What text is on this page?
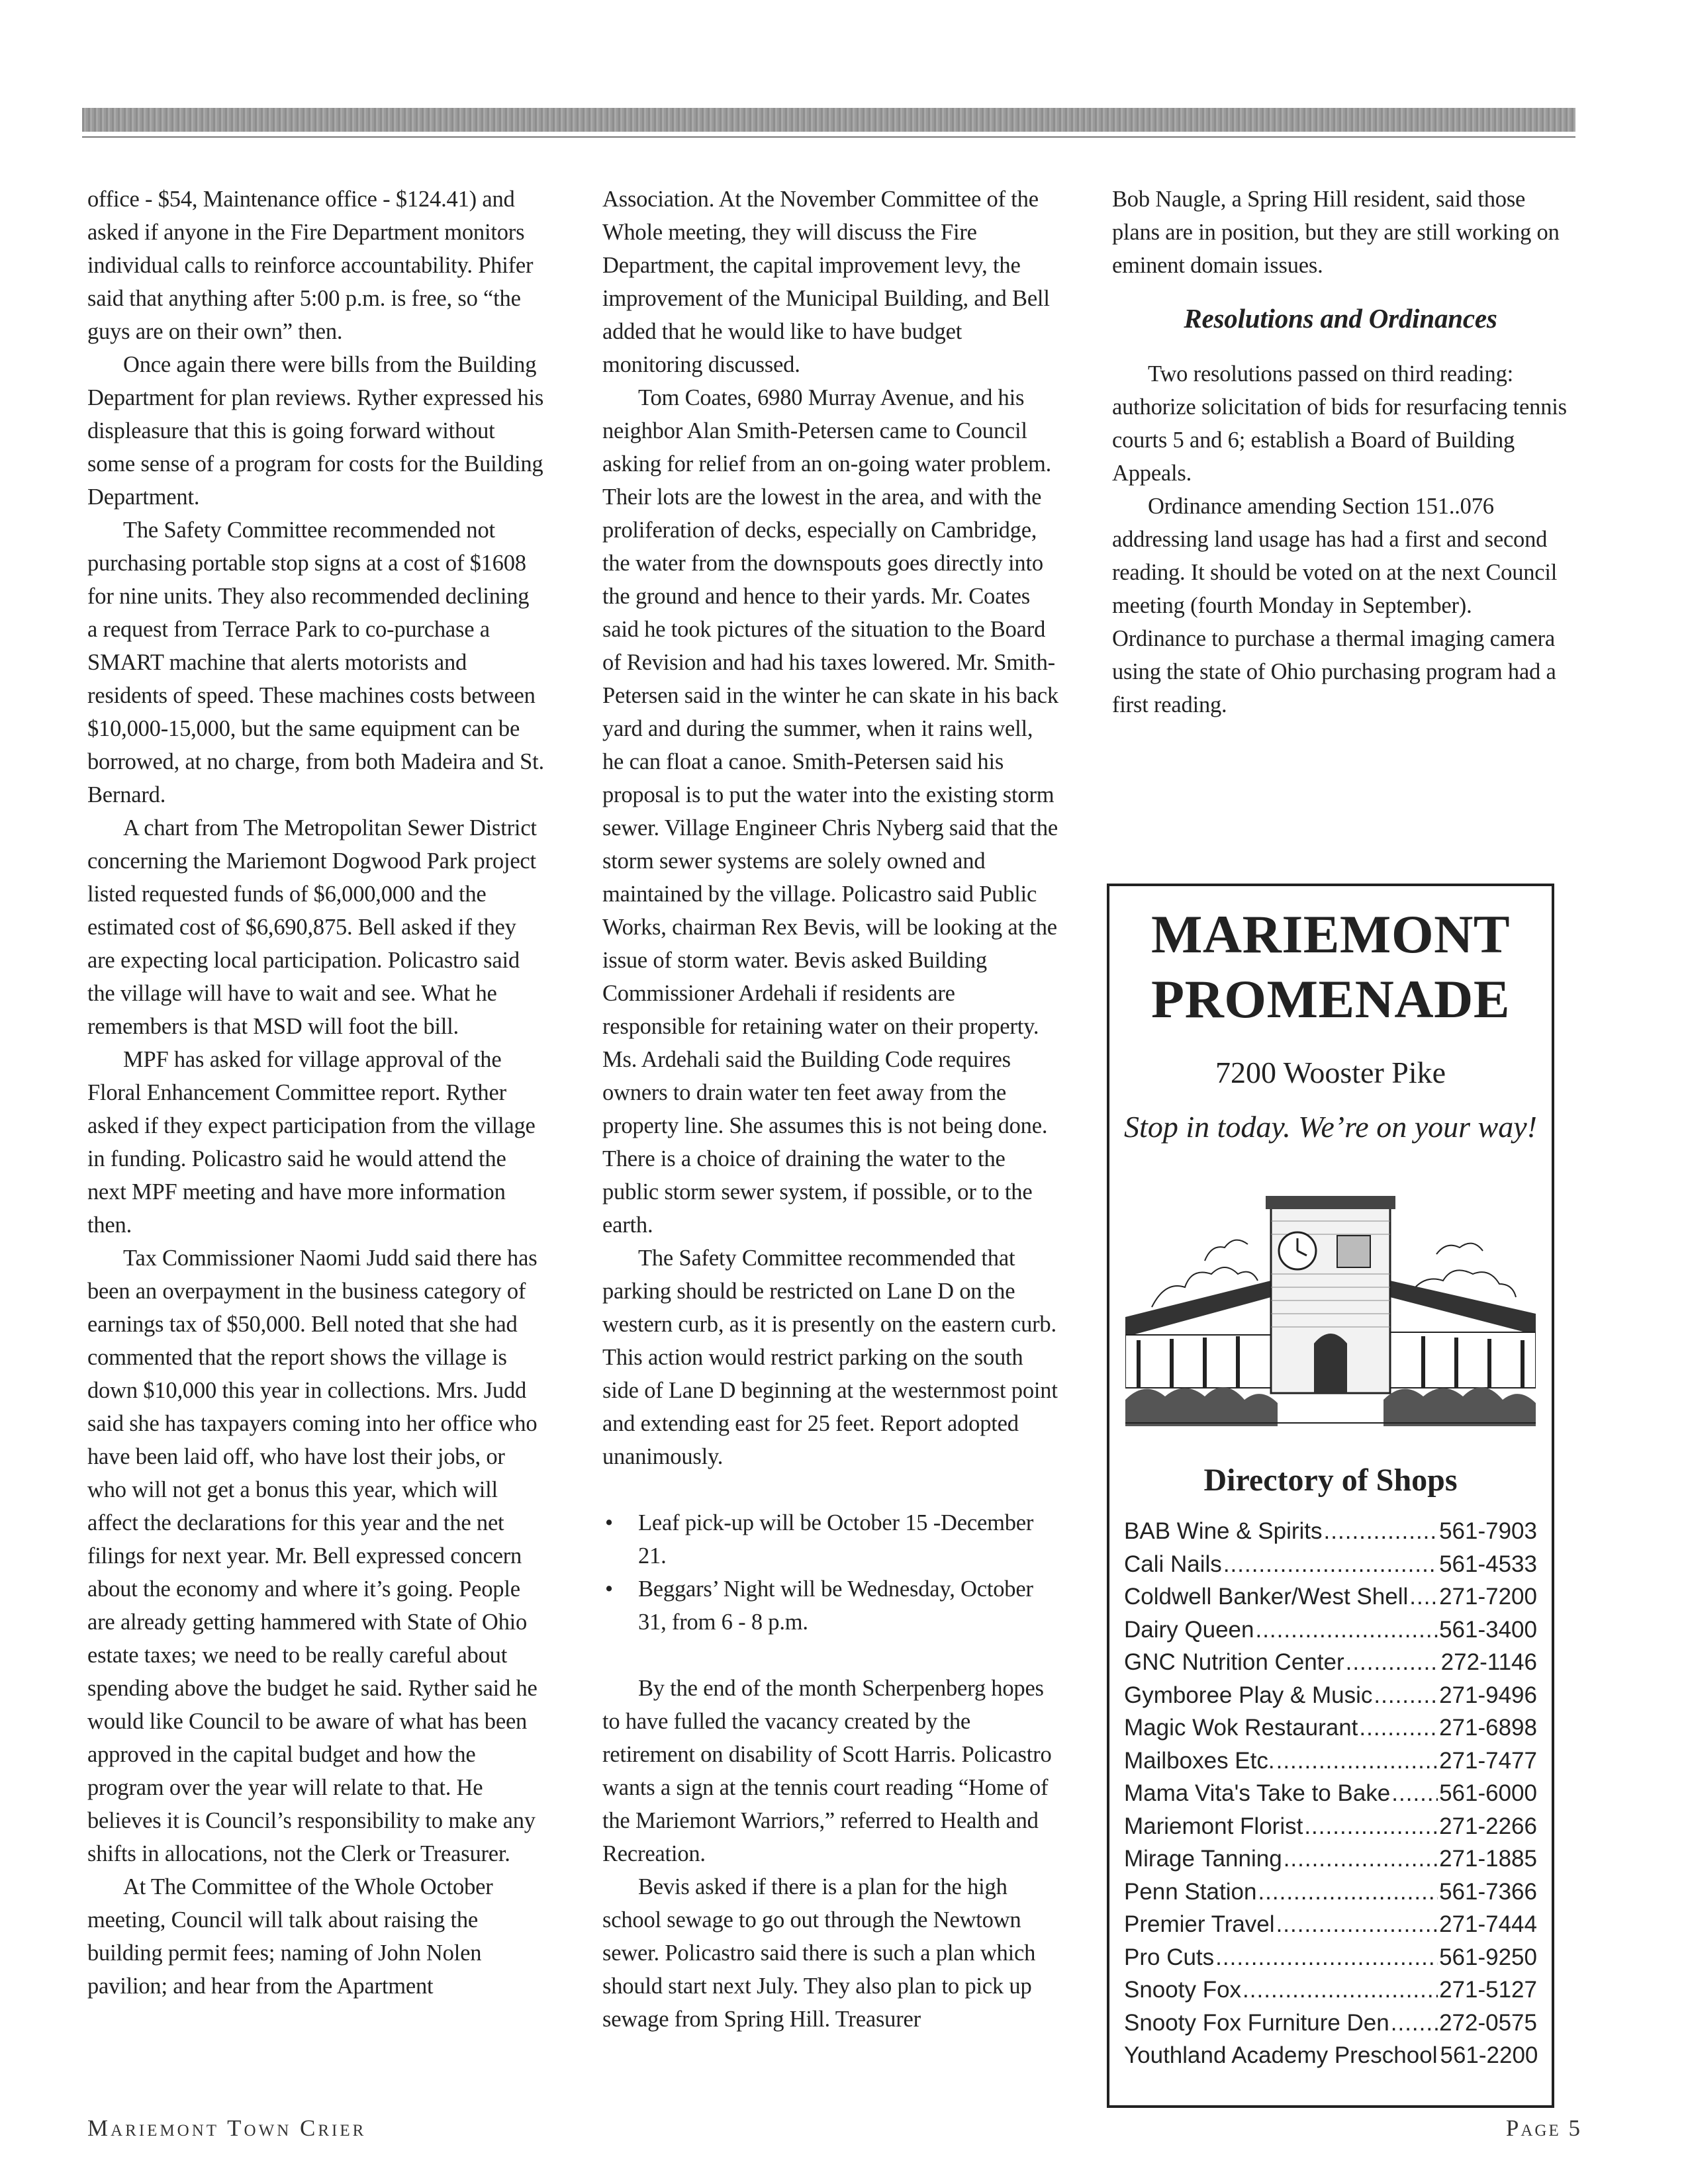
office - $54, Maintenance office - $124.41) and asked if anyone in the Fire Department monitors individual calls to reinforce accountability. Phifer said that anything after 5:00 p.m. is free, so “the guys are on their own” then.

Once again there were bills from the Building Department for plan reviews. Ryther expressed his displeasure that this is going forward without some sense of a program for costs for the Building Department.

The Safety Committee recommended not purchasing portable stop signs at a cost of $1608 for nine units. They also recommended declining a request from Terrace Park to co-purchase a SMART machine that alerts motorists and residents of speed. These machines costs between $10,000-15,000, but the same equipment can be borrowed, at no charge, from both Madeira and St. Bernard.

A chart from The Metropolitan Sewer District concerning the Mariemont Dogwood Park project listed requested funds of $6,000,000 and the estimated cost of $6,690,875. Bell asked if they are expecting local participation. Policastro said the village will have to wait and see. What he remembers is that MSD will foot the bill.

MPF has asked for village approval of the Floral Enhancement Committee report. Ryther asked if they expect participation from the village in funding. Policastro said he would attend the next MPF meeting and have more information then.

Tax Commissioner Naomi Judd said there has been an overpayment in the business category of earnings tax of $50,000. Bell noted that she had commented that the report shows the village is down $10,000 this year in collections. Mrs. Judd said she has taxpayers coming into her office who have been laid off, who have lost their jobs, or who will not get a bonus this year, which will affect the declarations for this year and the net filings for next year. Mr. Bell expressed concern about the economy and where it’s going. People are already getting hammered with State of Ohio estate taxes; we need to be really careful about spending above the budget he said. Ryther said he would like Council to be aware of what has been approved in the capital budget and how the program over the year will relate to that. He believes it is Council’s responsibility to make any shifts in allocations, not the Clerk or Treasurer.

At The Committee of the Whole October meeting, Council will talk about raising the building permit fees; naming of John Nolen pavilion; and hear from the Apartment

Association. At the November Committee of the Whole meeting, they will discuss the Fire Department, the capital improvement levy, the improvement of the Municipal Building, and Bell added that he would like to have budget monitoring discussed.

Tom Coates, 6980 Murray Avenue, and his neighbor Alan Smith-Petersen came to Council asking for relief from an on-going water problem. Their lots are the lowest in the area, and with the proliferation of decks, especially on Cambridge, the water from the downspouts goes directly into the ground and hence to their yards. Mr. Coates said he took pictures of the situation to the Board of Revision and had his taxes lowered. Mr. Smith-Petersen said in the winter he can skate in his back yard and during the summer, when it rains well, he can float a canoe. Smith-Petersen said his proposal is to put the water into the existing storm sewer. Village Engineer Chris Nyberg said that the storm sewer systems are solely owned and maintained by the village. Policastro said Public Works, chairman Rex Bevis, will be looking at the issue of storm water. Bevis asked Building Commissioner Ardehali if residents are responsible for retaining water on their property. Ms. Ardehali said the Building Code requires owners to drain water ten feet away from the property line. She assumes this is not being done. There is a choice of draining the water to the public storm sewer system, if possible, or to the earth.

The Safety Committee recommended that parking should be restricted on Lane D on the western curb, as it is presently on the eastern curb. This action would restrict parking on the south side of Lane D beginning at the westernmost point and extending east for 25 feet. Report adopted unanimously.

• Leaf pick-up will be October 15 -December 21.
• Beggars’ Night will be Wednesday, October 31, from 6 - 8 p.m.

By the end of the month Scherpenberg hopes to have fulled the vacancy created by the retirement on disability of Scott Harris. Policastro wants a sign at the tennis court reading “Home of the Mariemont Warriors,” referred to Health and Recreation.

Bevis asked if there is a plan for the high school sewage to go out through the Newtown sewer. Policastro said there is such a plan which should start next July. They also plan to pick up sewage from Spring Hill. Treasurer

Bob Naugle, a Spring Hill resident, said those plans are in position, but they are still working on eminent domain issues.

Resolutions and Ordinances

Two resolutions passed on third reading: authorize solicitation of bids for resurfacing tennis courts 5 and 6; establish a Board of Building Appeals.

Ordinance amending Section 151..076 addressing land usage has had a first and second reading. It should be voted on at the next Council meeting (fourth Monday in September). Ordinance to purchase a thermal imaging camera using the state of Ohio purchasing program had a first reading.

MARIEMONT
PROMENADE
7200 Wooster Pike
Stop in today. We’re on your way!
Directory of Shops
BAB Wine & Spirits .....	561-7903
Cali Nails .....	561-4533
Coldwell Banker/West Shell ..... 271-7200
Dairy Queen .....	561-3400
GNC Nutrition Center .....	272-1146
Gymboree Play & Music .....	271-9496
Magic Wok Restaurant .....	271-6898
Mailboxes Etc. .....	271-7477
Mama Vita's Take to Bake ..... 561-6000
Mariemont Florist .....	271-2266
Mirage Tanning .....	271-1885
Penn Station .....	561-7366
Premier Travel .....	271-7444
Pro Cuts .....	561-9250
Snooty Fox .....	271-5127
Snooty Fox Furniture Den ..... 272-0575
Youthland Academy Preschool 561-2200
Mariemont Town Crier	Page 5
